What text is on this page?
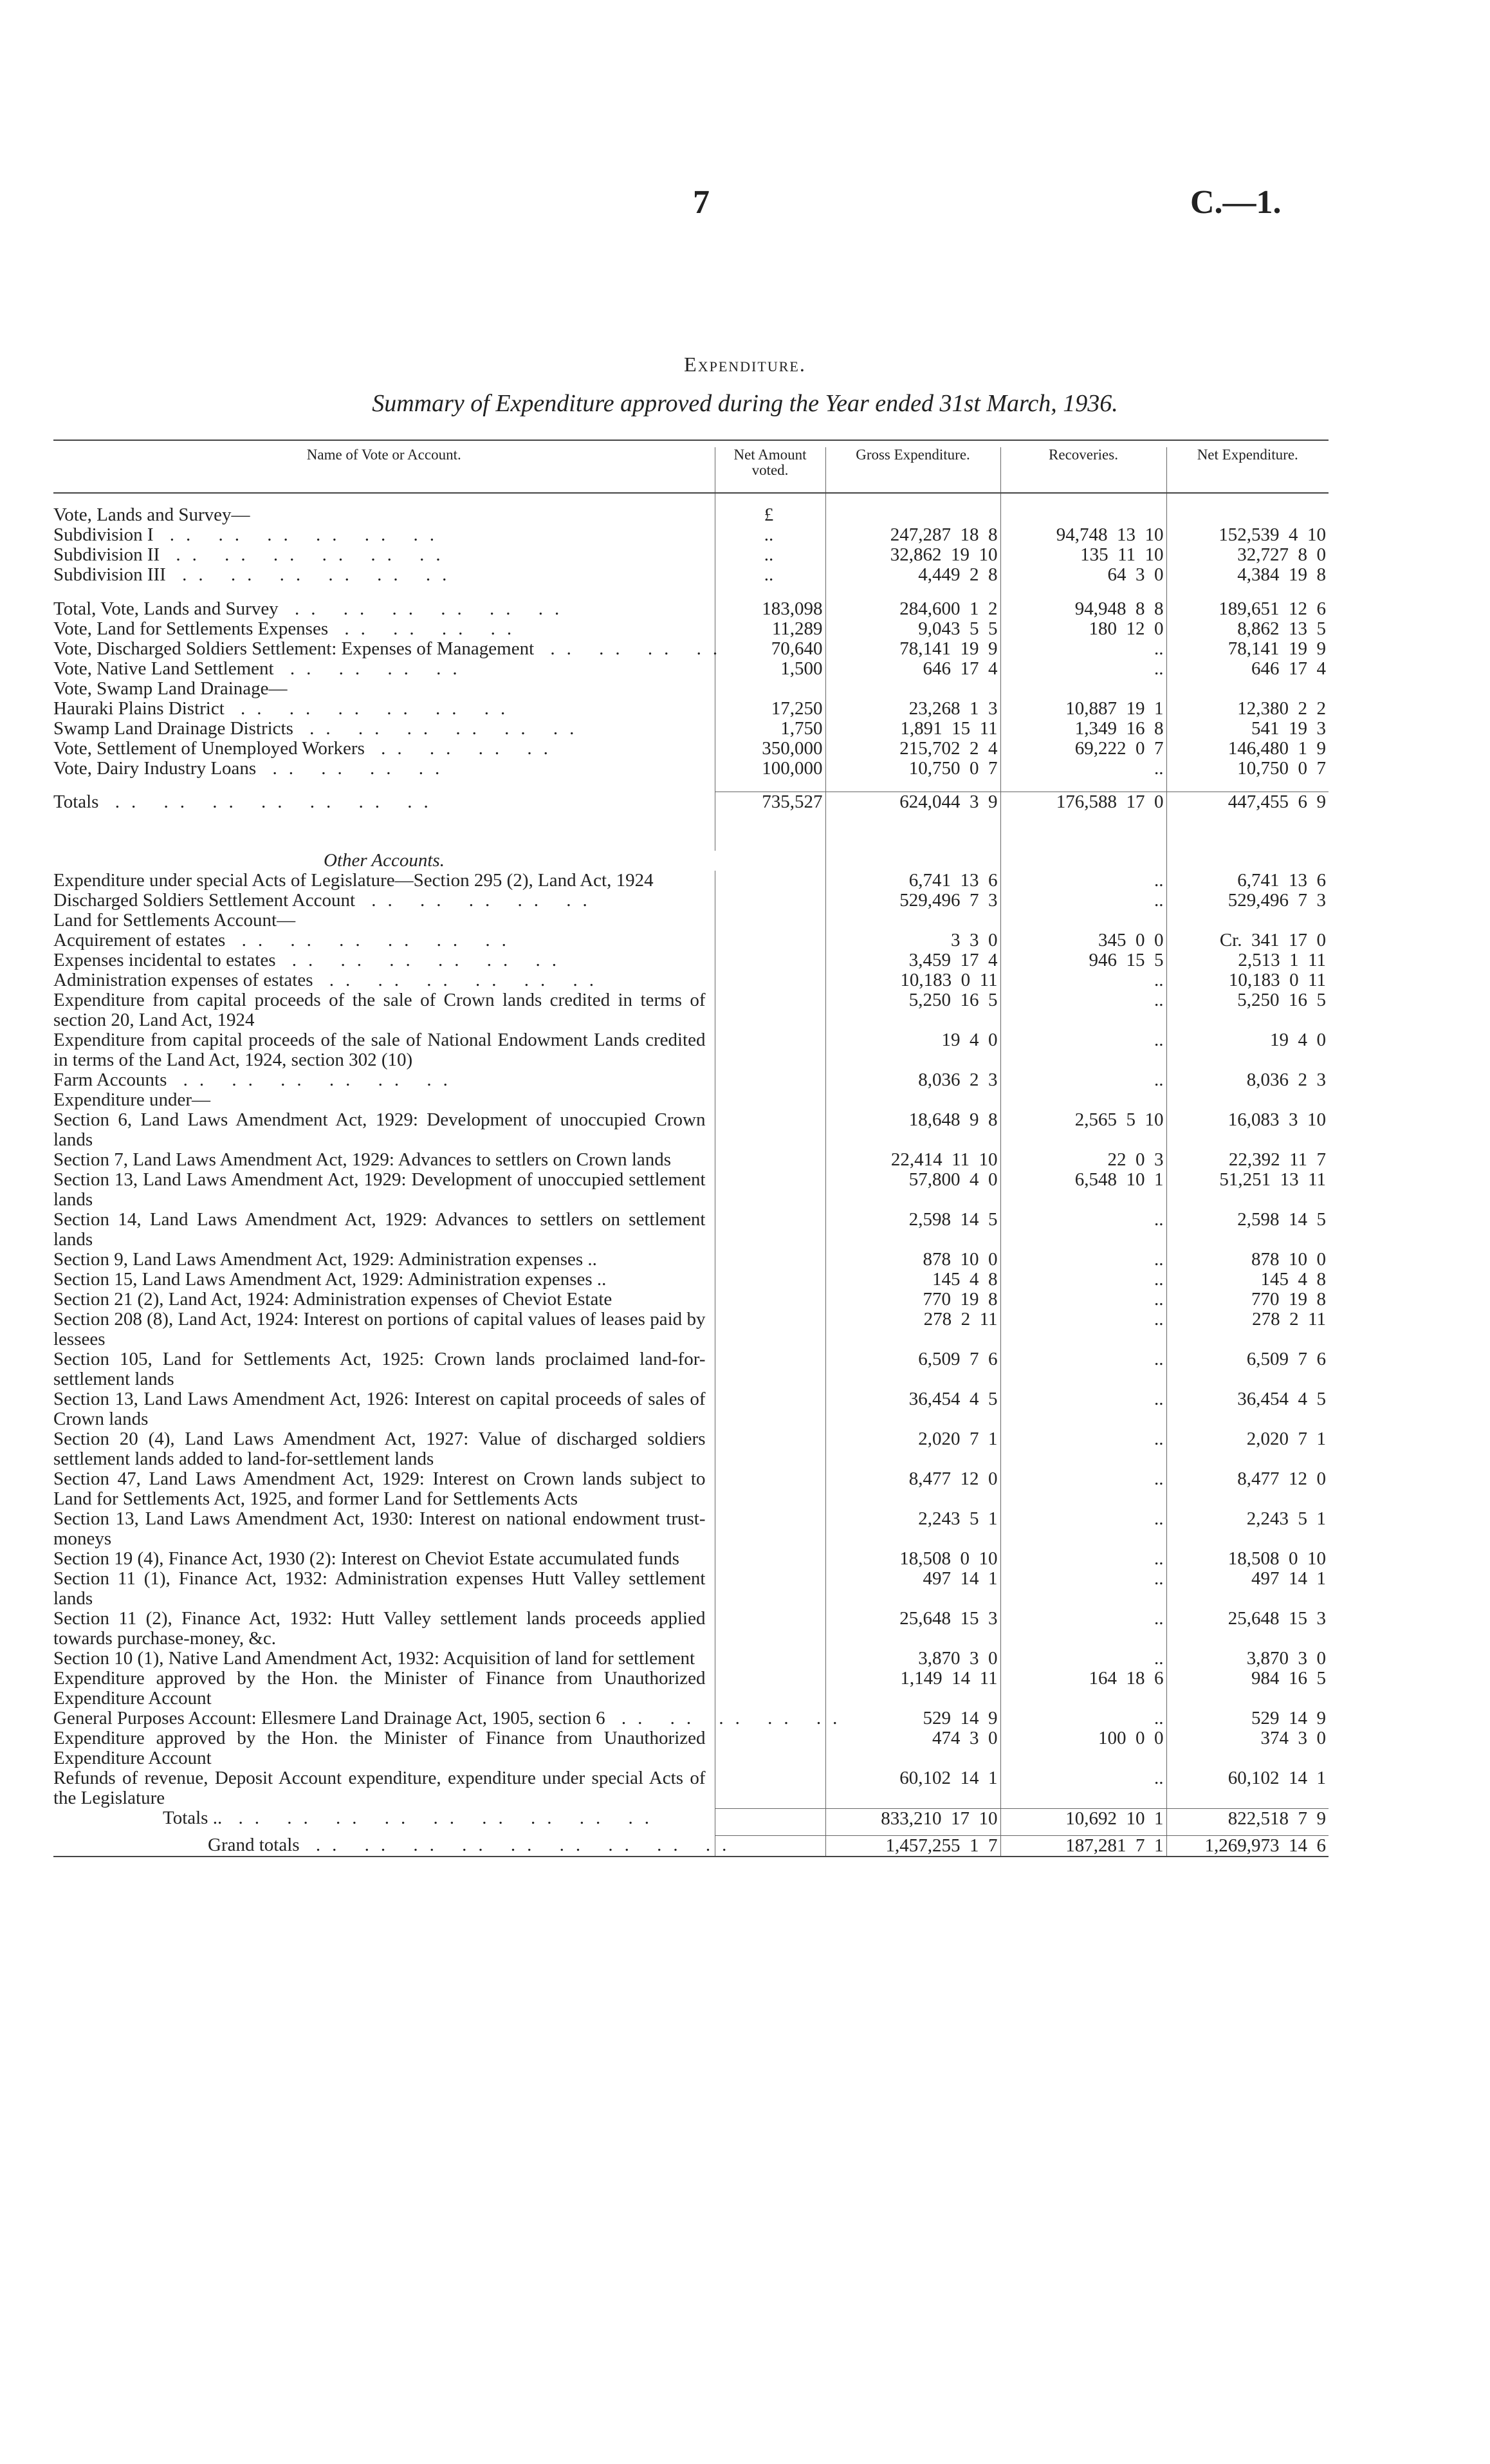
7	C.—1.
Expenditure.
Summary of Expenditure approved during the Year ended 31st March, 1936.
Name of Vote or Account.	Net Amount voted.	Gross Expenditure.	Recoveries.	Net Expenditure.

Vote, Lands and Survey—	£			
Subdivision I .. .. .. .. .. ..	..	247,287 18 8	94,748 13 10	152,539 4 10
Subdivision II .. .. .. .. .. ..	..	32,862 19 10	135 11 10	32,727 8 0
Subdivision III .. .. .. .. .. ..	..	4,449 2 8	64 3 0	4,384 19 8

Total, Vote, Lands and Survey .. .. .. .. .. ..	183,098	284,600 1 2	94,948 8 8	189,651 12 6
Vote, Land for Settlements Expenses .. .. .. ..	11,289	9,043 5 5	180 12 0	8,862 13 5
Vote, Discharged Soldiers Settlement: Expenses of Management .. .. .. ..	70,640	78,141 19 9	..	78,141 19 9
Vote, Native Land Settlement .. .. .. ..	1,500	646 17 4	..	646 17 4
Vote, Swamp Land Drainage—				
Hauraki Plains District .. .. .. .. .. ..	17,250	23,268 1 3	10,887 19 1	12,380 2 2
Swamp Land Drainage Districts .. .. .. .. .. ..	1,750	1,891 15 11	1,349 16 8	541 19 3
Vote, Settlement of Unemployed Workers .. .. .. ..	350,000	215,702 2 4	69,222 0 7	146,480 1 9
Vote, Dairy Industry Loans .. .. .. ..	100,000	10,750 0 7	..	10,750 0 7

Totals .. .. .. .. .. .. ..	735,527	624,044 3 9	176,588 17 0	447,455 6 9

Other Accounts.				
Expenditure under special Acts of Legislature—Section 295 (2), Land Act, 1924		6,741 13 6	..	6,741 13 6
Discharged Soldiers Settlement Account .. .. .. .. ..		529,496 7 3	..	529,496 7 3
Land for Settlements Account—				
Acquirement of estates .. .. .. .. .. ..		3 3 0	345 0 0	Cr. 341 17 0
Expenses incidental to estates .. .. .. .. .. ..		3,459 17 4	946 15 5	2,513 1 11
Administration expenses of estates .. .. .. .. .. ..		10,183 0 11	..	10,183 0 11
Expenditure from capital proceeds of the sale of Crown lands credited in terms of section 20, Land Act, 1924		5,250 16 5	..	5,250 16 5
Expenditure from capital proceeds of the sale of National Endowment Lands credited in terms of the Land Act, 1924, section 302 (10)		19 4 0	..	19 4 0
Farm Accounts .. .. .. .. .. ..		8,036 2 3	..	8,036 2 3
Expenditure under—				
Section 6, Land Laws Amendment Act, 1929: Development of unoccupied Crown lands		18,648 9 8	2,565 5 10	16,083 3 10
Section 7, Land Laws Amendment Act, 1929: Advances to settlers on Crown lands		22,414 11 10	22 0 3	22,392 11 7
Section 13, Land Laws Amendment Act, 1929: Development of unoccupied settlement lands		57,800 4 0	6,548 10 1	51,251 13 11
Section 14, Land Laws Amendment Act, 1929: Advances to settlers on settlement lands		2,598 14 5	..	2,598 14 5
Section 9, Land Laws Amendment Act, 1929: Administration expenses ..		878 10 0	..	878 10 0
Section 15, Land Laws Amendment Act, 1929: Administration expenses ..		145 4 8	..	145 4 8
Section 21 (2), Land Act, 1924: Administration expenses of Cheviot Estate		770 19 8	..	770 19 8
Section 208 (8), Land Act, 1924: Interest on portions of capital values of leases paid by lessees		278 2 11	..	278 2 11
Section 105, Land for Settlements Act, 1925: Crown lands proclaimed land-for-settlement lands		6,509 7 6	..	6,509 7 6
Section 13, Land Laws Amendment Act, 1926: Interest on capital proceeds of sales of Crown lands		36,454 4 5	..	36,454 4 5
Section 20 (4), Land Laws Amendment Act, 1927: Value of discharged soldiers settlement lands added to land-for-settlement lands		2,020 7 1	..	2,020 7 1
Section 47, Land Laws Amendment Act, 1929: Interest on Crown lands subject to Land for Settlements Act, 1925, and former Land for Settlements Acts		8,477 12 0	..	8,477 12 0
Section 13, Land Laws Amendment Act, 1930: Interest on national endowment trust-moneys		2,243 5 1	..	2,243 5 1
Section 19 (4), Finance Act, 1930 (2): Interest on Cheviot Estate accumulated funds		18,508 0 10	..	18,508 0 10
Section 11 (1), Finance Act, 1932: Administration expenses Hutt Valley settlement lands		497 14 1	..	497 14 1
Section 11 (2), Finance Act, 1932: Hutt Valley settlement lands proceeds applied towards purchase-money, &c.		25,648 15 3	..	25,648 15 3
Section 10 (1), Native Land Amendment Act, 1932: Acquisition of land for settlement		3,870 3 0	..	3,870 3 0
Expenditure approved by the Hon. the Minister of Finance from Unauthorized Expenditure Account		1,149 14 11	164 18 6	984 16 5
General Purposes Account: Ellesmere Land Drainage Act, 1905, section 6 .. .. .. .. ..		529 14 9	..	529 14 9
Expenditure approved by the Hon. the Minister of Finance from Unauthorized Expenditure Account		474 3 0	100 0 0	374 3 0
Refunds of revenue, Deposit Account expenditure, expenditure under special Acts of the Legislature		60,102 14 1	..	60,102 14 1
Totals .. .. .. .. .. .. .. .. .. ..		833,210 17 10	10,692 10 1	822,518 7 9

Grand totals .. .. .. .. .. .. .. .. ..		1,457,255 1 7	187,281 7 1	1,269,973 14 6
